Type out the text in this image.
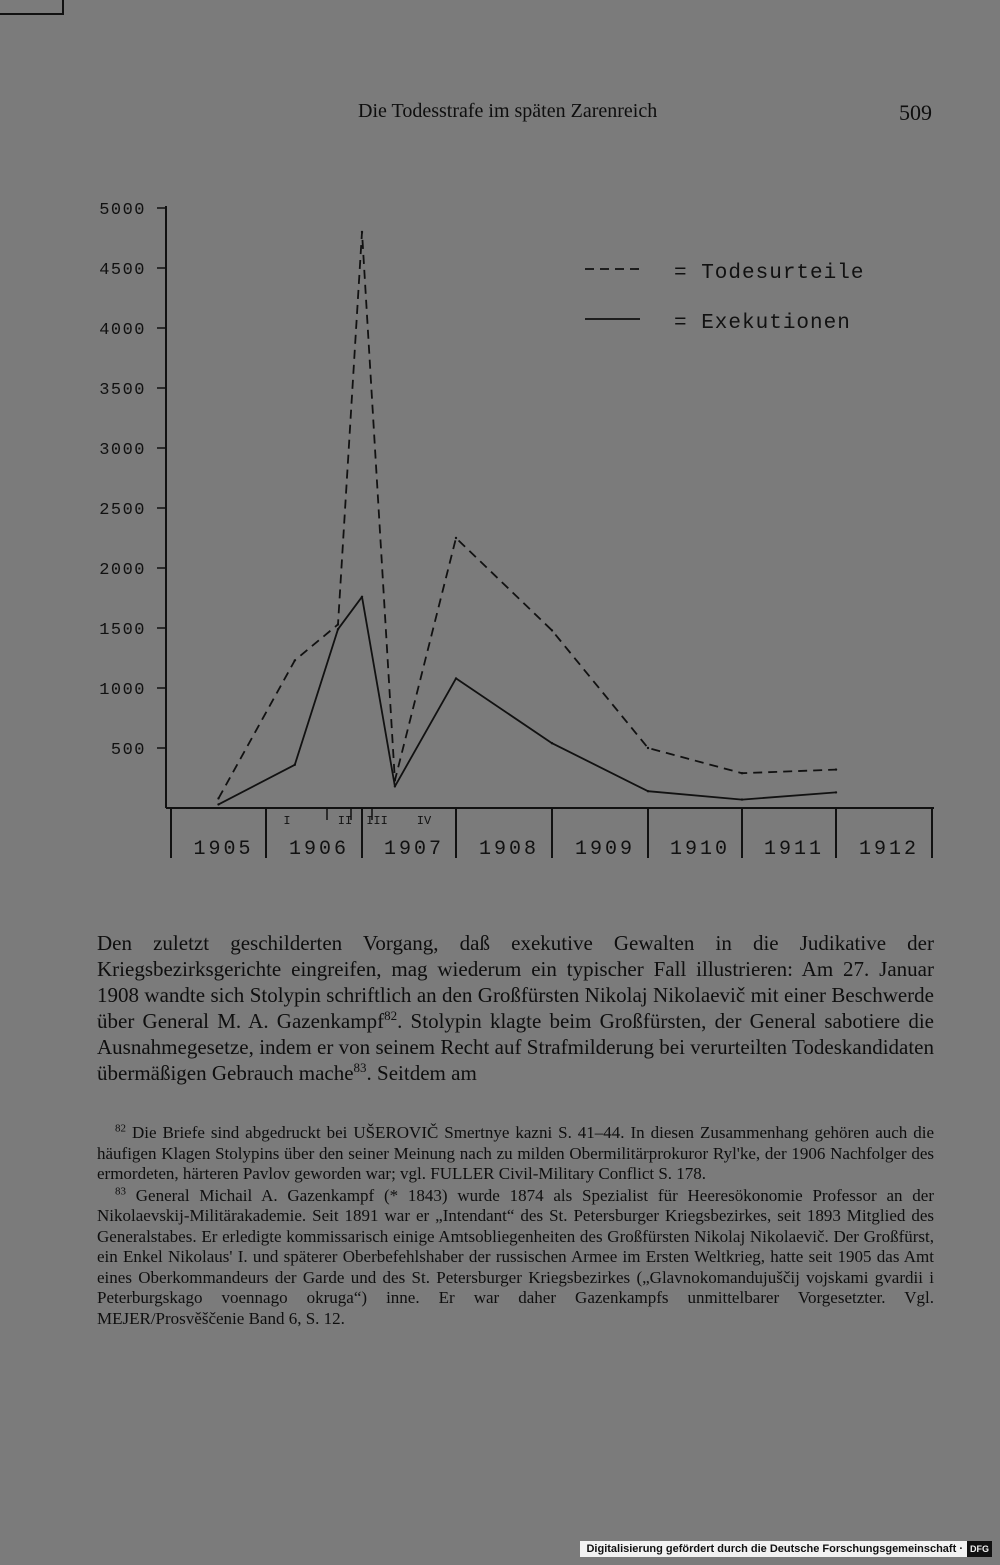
Die Todesstrafe im späten Zarenreich	509
5000
4500
4000
3500
3000
2500
2000
1500
1000
500
1905 1906 1907 1908 1909 1910 1911 1912
I	II III IV
= Todesurteile
= Exekutionen

Den zuletzt geschilderten Vorgang, daß exekutive Gewalten in die Judikative der Kriegsbezirksgerichte eingreifen, mag wiederum ein typischer Fall illustrieren: Am 27. Januar 1908 wandte sich Stolypin schriftlich an den Großfürsten Nikolaj Nikolaevič mit einer Beschwerde über General M. A. Gazenkampf$^{82}$. Stolypin klagte beim Großfürsten, der General sabotiere die Ausnahmegesetze, indem er von seinem Recht auf Strafmilderung bei verurteilten Todeskandidaten übermäßigen Gebrauch mache$^{83}$. Seitdem am

$^{82}$ Die Briefe sind abgedruckt bei UŠEROVIČ Smertnye kazni S. 41–44. In diesen Zusammenhang gehören auch die häufigen Klagen Stolypins über den seiner Meinung nach zu milden Obermilitärprokuror Ryl'ke, der 1906 Nachfolger des ermordeten, härteren Pavlov geworden war; vgl. FULLER Civil-Military Conflict S. 178.

$^{83}$ General Michail A. Gazenkampf (* 1843) wurde 1874 als Spezialist für Heeresökonomie Professor an der Nikolaevskij-Militärakademie. Seit 1891 war er „Intendant“ des St. Petersburger Kriegsbezirkes, seit 1893 Mitglied des Generalstabes. Er erledigte kommissarisch einige Amtsobliegenheiten des Großfürsten Nikolaj Nikolaevič. Der Großfürst, ein Enkel Nikolaus' I. und späterer Oberbefehlshaber der russischen Armee im Ersten Weltkrieg, hatte seit 1905 das Amt eines Oberkommandeurs der Garde und des St. Petersburger Kriegsbezirkes („Glavnokomandujuščij vojskami gvardii i Peterburgskago voennago okruga“) inne. Er war daher Gazenkampfs unmittelbarer Vorgesetzter. Vgl. MEJER/Prosvěščenie Band 6, S. 12.

Digitalisierung gefördert durch die Deutsche Forschungsgemeinschaft
· DFG
